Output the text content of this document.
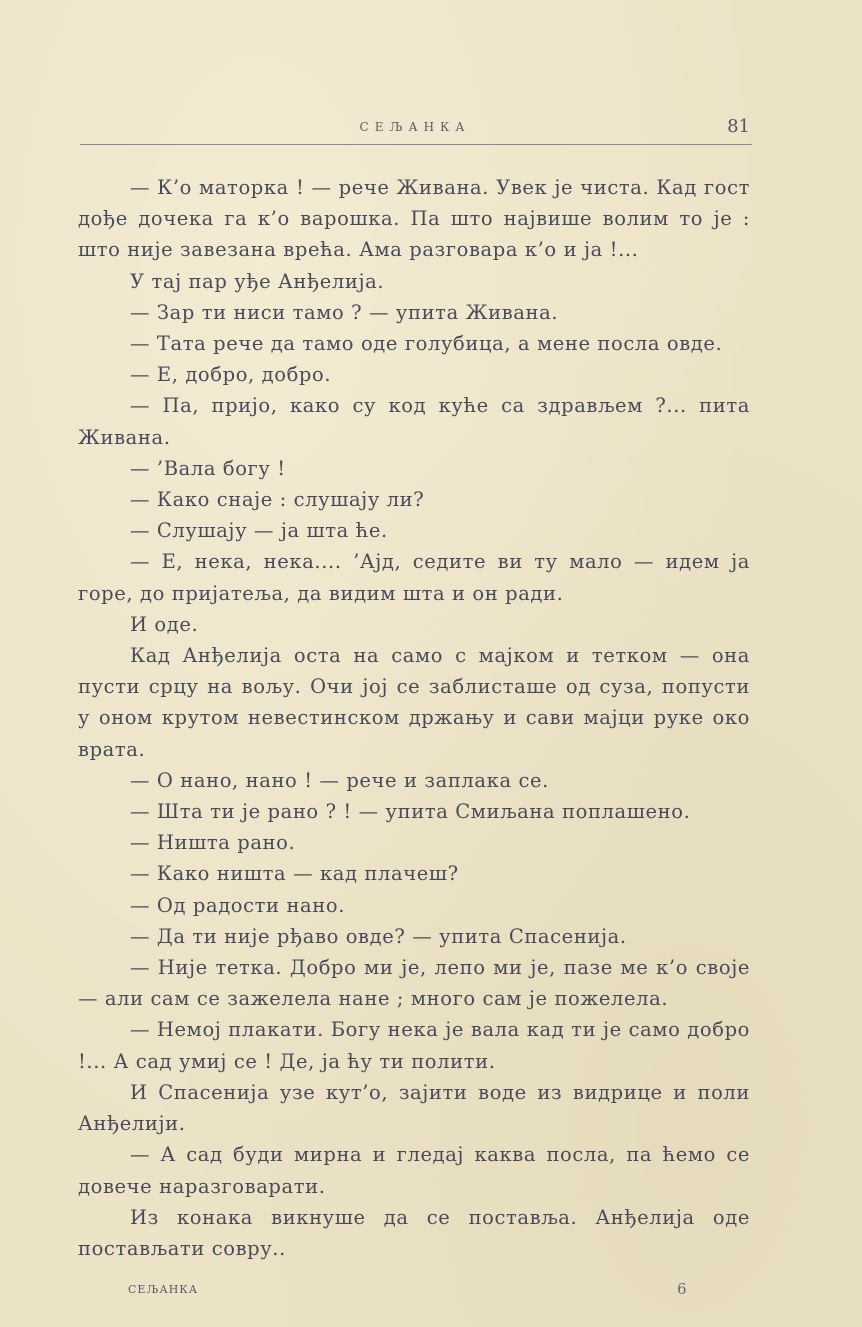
СЕЉАНКА	81

— К’о маторка ! — рече Живана. Увек је чиста. Кад гост дође дочека га к’о варошка. Па што највише волим то је : што није завезана врећа. Ама разговара к’о и ја !...

У тај пар уђе Анђелија.

— Зар ти ниси тамо ? — упита Живана.

— Тата рече да тамо оде голубица, а мене посла овде.

— Е, добро, добро.

— Па, пријо, како су код куће са здрављем ?... пита Живана.

— ’Вала богу !

— Како снаје : слушају ли?

— Слушају — ја шта ће.

— Е, нека, нека.... ’Ајд, седите ви ту мало — идем ја горе, до пријатеља, да видим шта и он ради.

И оде.

Кад Анђелија оста на само с мајком и тетком — она пусти срцу на вољу. Очи јој се заблисташе од суза, попусти у оном крутом невестинском држању и сави мајци руке око врата.

— О нано, нано ! — рече и заплака се.

— Шта ти је рано ? ! — упита Смиљана поплашено.

— Ништа рано.

— Како ништа — кад плачеш?

— Од радости нано.

— Да ти није рђаво овде? — упита Спасенија.

— Није тетка. Добро ми је, лепо ми је, пазе ме к’о своје — али сам се зажелела нане ; много сам је пожелела.

— Немој плакати. Богу нека је вала кад ти је само добро !... А сад умиј се ! Де, ја ћу ти полити.

И Спасенија узе кут’о, зајити воде из видрице и поли Анђелији.

— А сад буди мирна и гледај каква посла, па ћемо се довече наразговарати.

Из конака викнуше да се постављa. Анђелија оде постављати совру..

СЕЉАНКА	6
